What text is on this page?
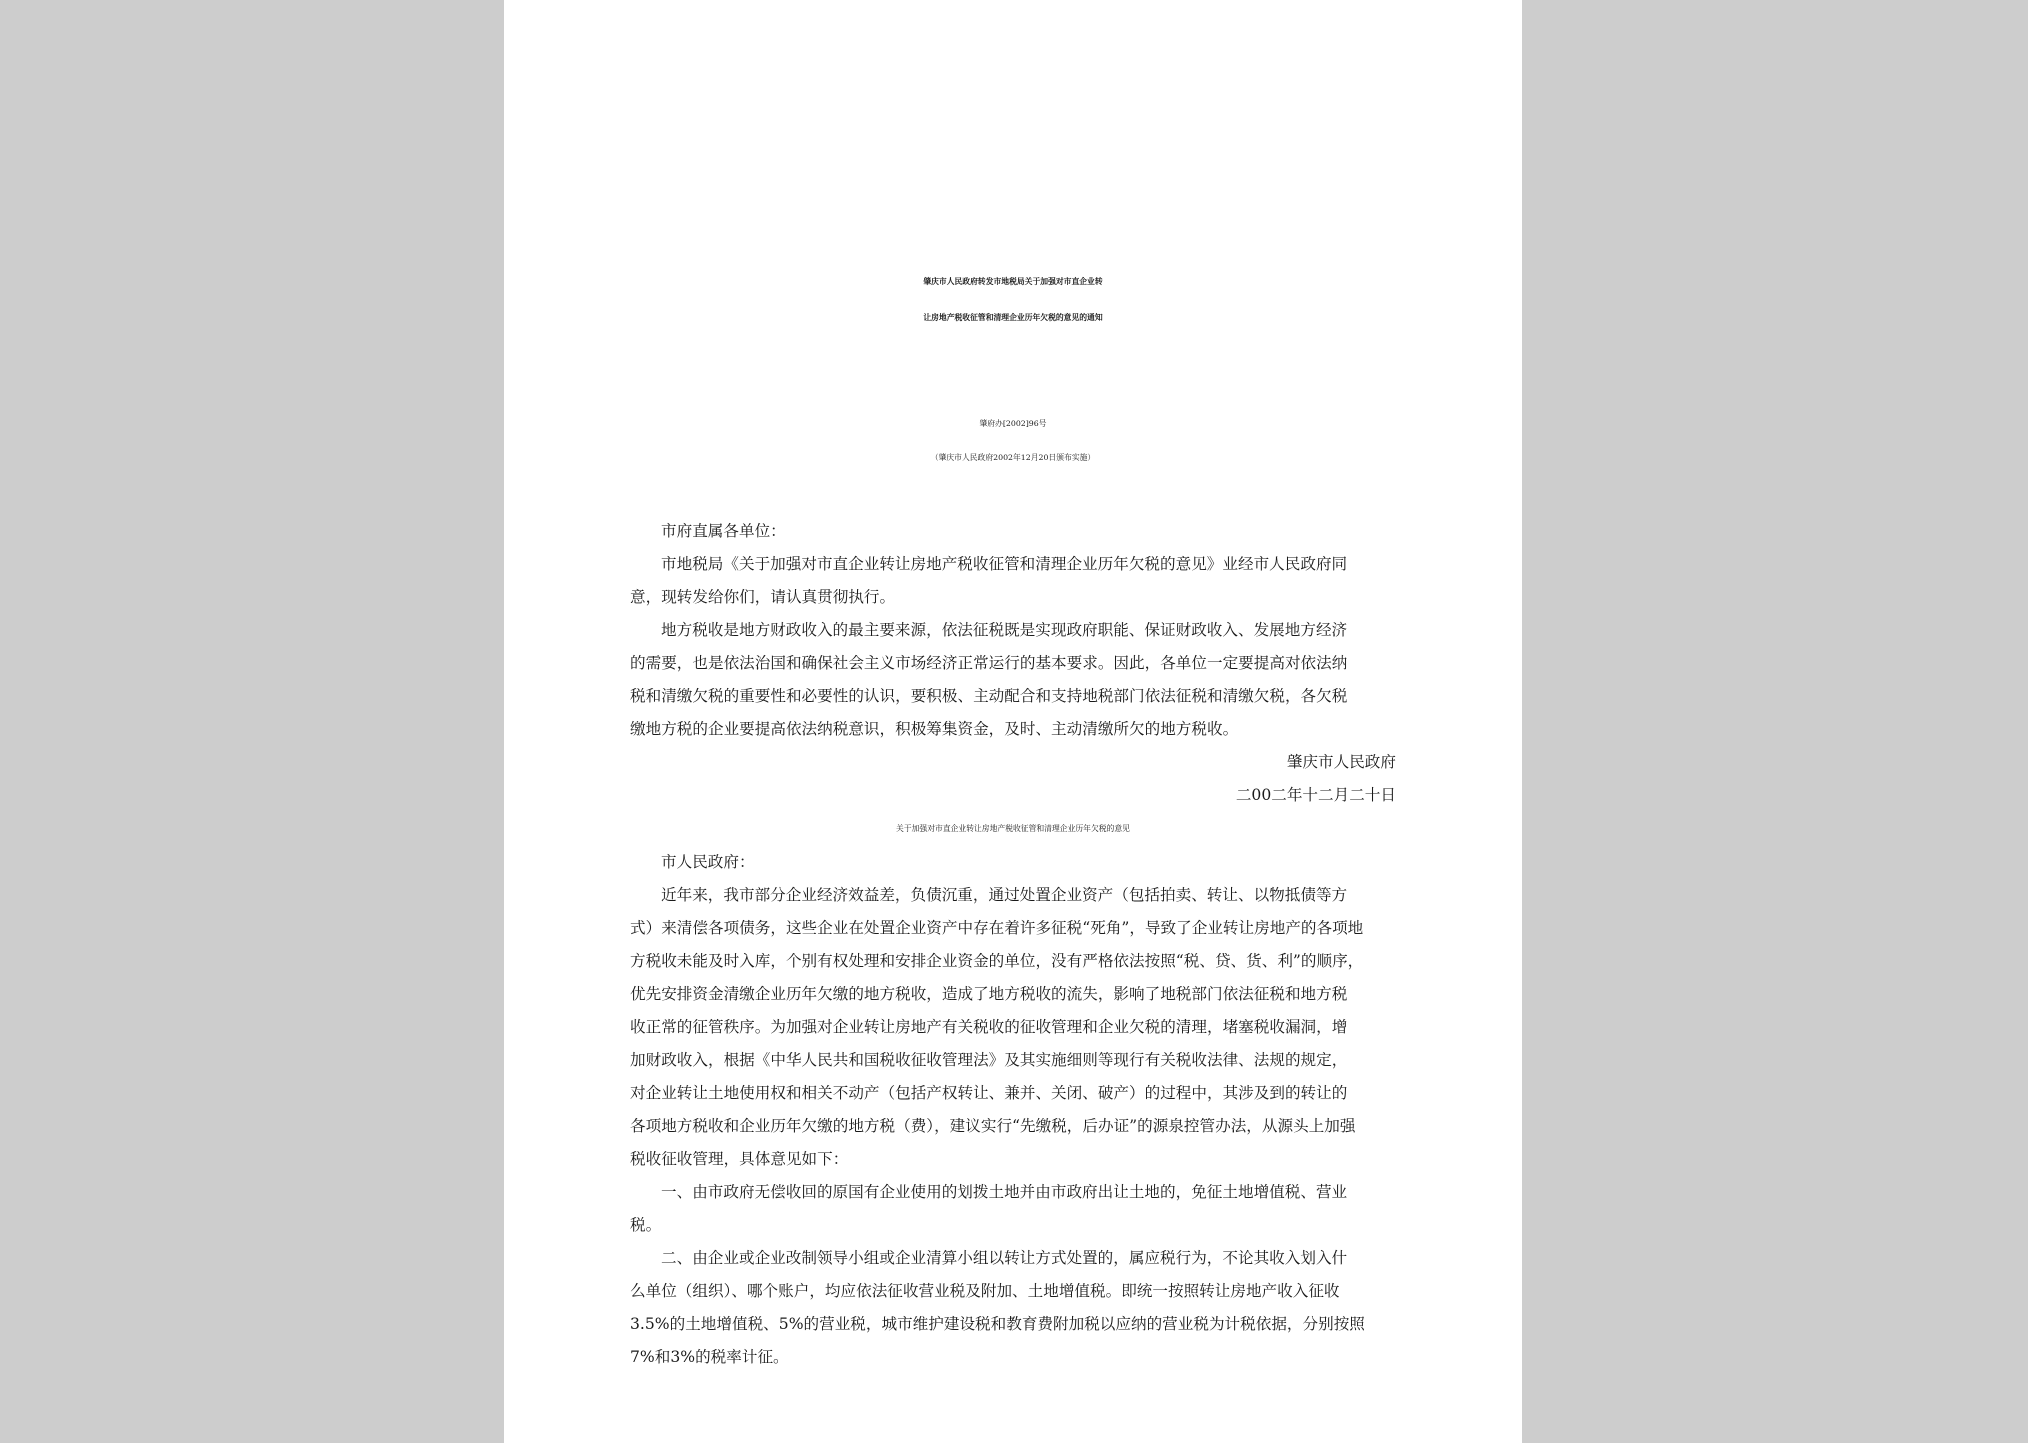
肇庆市人民政府转发市地税局关于加强对市直企业转
让房地产税收征管和清理企业历年欠税的意见的通知
肇府办[2002]96号
（肇庆市人民政府2002年12月20日颁布实施）
市府直属各单位：
市地税局《关于加强对市直企业转让房地产税收征管和清理企业历年欠税的意见》业经市人民政府同
意，现转发给你们，请认真贯彻执行。
地方税收是地方财政收入的最主要来源，依法征税既是实现政府职能、保证财政收入、发展地方经济
的需要，也是依法治国和确保社会主义市场经济正常运行的基本要求。因此，各单位一定要提高对依法纳
税和清缴欠税的重要性和必要性的认识，要积极、主动配合和支持地税部门依法征税和清缴欠税，各欠税
缴地方税的企业要提高依法纳税意识，积极筹集资金，及时、主动清缴所欠的地方税收。
肇庆市人民政府
二00二年十二月二十日
关于加强对市直企业转让房地产税收征管和清理企业历年欠税的意见
市人民政府：
近年来，我市部分企业经济效益差，负债沉重，通过处置企业资产（包括拍卖、转让、以物抵债等方
式）来清偿各项债务，这些企业在处置企业资产中存在着许多征税“死角”，导致了企业转让房地产的各项地
方税收未能及时入库，个别有权处理和安排企业资金的单位，没有严格依法按照“税、贷、货、利”的顺序，
优先安排资金清缴企业历年欠缴的地方税收，造成了地方税收的流失，影响了地税部门依法征税和地方税
收正常的征管秩序。为加强对企业转让房地产有关税收的征收管理和企业欠税的清理，堵塞税收漏洞，增
加财政收入，根据《中华人民共和国税收征收管理法》及其实施细则等现行有关税收法律、法规的规定，
对企业转让土地使用权和相关不动产（包括产权转让、兼并、关闭、破产）的过程中，其涉及到的转让的
各项地方税收和企业历年欠缴的地方税（费），建议实行“先缴税，后办证”的源泉控管办法，从源头上加强
税收征收管理，具体意见如下：
一、由市政府无偿收回的原国有企业使用的划拨土地并由市政府出让土地的，免征土地增值税、营业
税。
二、由企业或企业改制领导小组或企业清算小组以转让方式处置的，属应税行为，不论其收入划入什
么单位（组织）、哪个账户，均应依法征收营业税及附加、土地增值税。即统一按照转让房地产收入征收
3.5%的土地增值税、5%的营业税，城市维护建设税和教育费附加税以应纳的营业税为计税依据，分别按照
7%和3%的税率计征。
